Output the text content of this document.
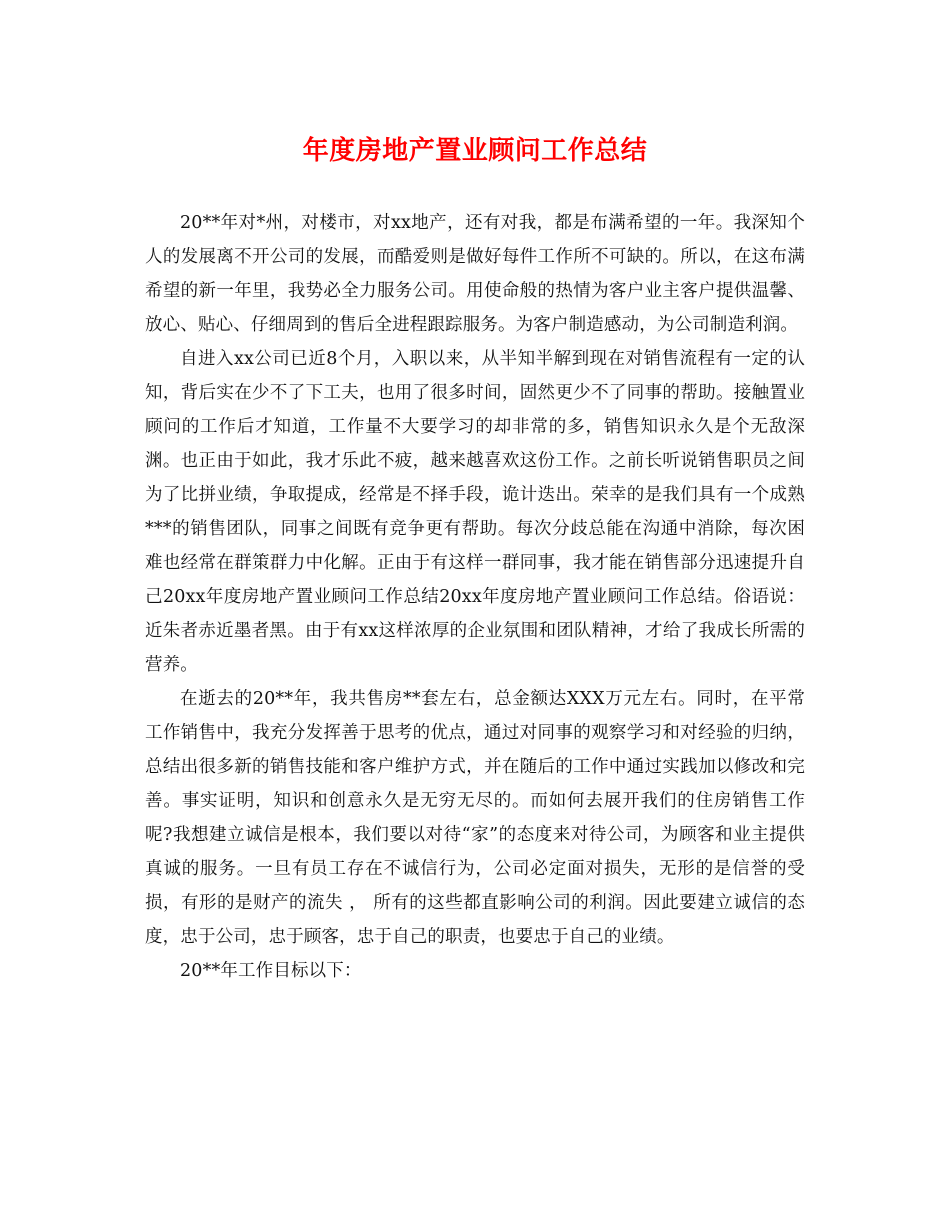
年度房地产置业顾问工作总结

20**年对*州，对楼市，对xx地产，还有对我，都是布满希望的一年。我深知个人的发展离不开公司的发展，而酷爱则是做好每件工作所不可缺的。所以，在这布满希望的新一年里，我势必全力服务公司。用使命般的热情为客户业主客户提供温馨、放心、贴心、仔细周到的售后全进程跟踪服务。为客户制造感动，为公司制造利润。

自进入xx公司已近8个月，入职以来，从半知半解到现在对销售流程有一定的认知，背后实在少不了下工夫，也用了很多时间，固然更少不了同事的帮助。接触置业顾问的工作后才知道，工作量不大要学习的却非常的多，销售知识永久是个无敌深渊。也正由于如此，我才乐此不疲，越来越喜欢这份工作。之前长听说销售职员之间为了比拼业绩，争取提成，经常是不择手段，诡计迭出。荣幸的是我们具有一个成熟***的销售团队，同事之间既有竞争更有帮助。每次分歧总能在沟通中消除，每次困难也经常在群策群力中化解。正由于有这样一群同事，我才能在销售部分迅速提升自己20xx年度房地产置业顾问工作总结20xx年度房地产置业顾问工作总结。俗语说：近朱者赤近墨者黑。由于有xx这样浓厚的企业氛围和团队精神，才给了我成长所需的营养。

在逝去的20**年，我共售房**套左右，总金额达XXX万元左右。同时，在平常工作销售中，我充分发挥善于思考的优点，通过对同事的观察学习和对经验的归纳，总结出很多新的销售技能和客户维护方式，并在随后的工作中通过实践加以修改和完善。事实证明，知识和创意永久是无穷无尽的。而如何去展开我们的住房销售工作呢?我想建立诚信是根本，我们要以对待“家”的态度来对待公司，为顾客和业主提供真诚的服务。一旦有员工存在不诚信行为，公司必定面对损失，无形的是信誉的受损，有形的是财产的流失 ， 所有的这些都直影响公司的利润。因此要建立诚信的态度，忠于公司，忠于顾客，忠于自己的职责，也要忠于自己的业绩。

20**年工作目标以下：
